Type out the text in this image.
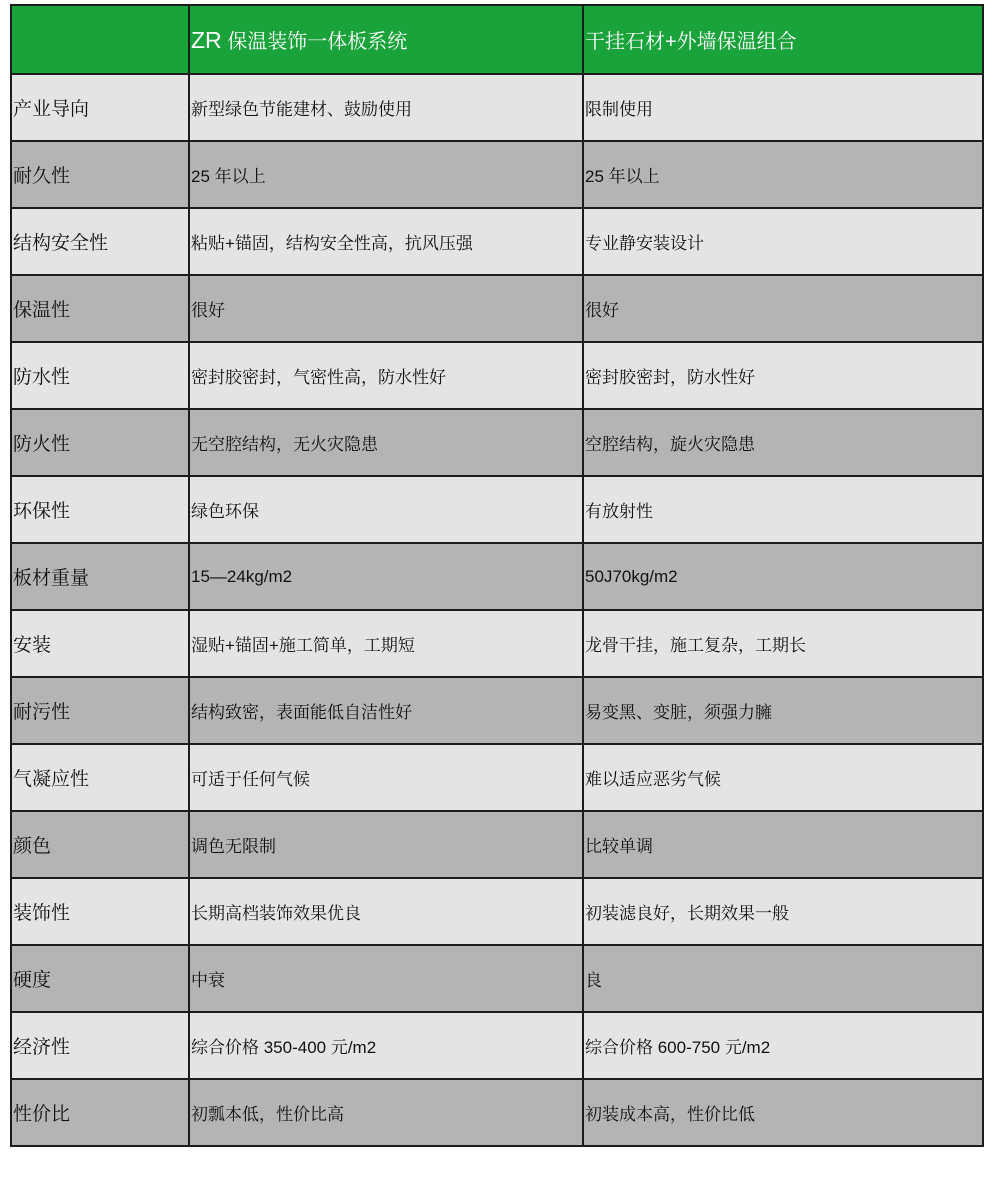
	ZR 保温装饰一体板系统	干挂石材+外墙保温组合
产业导向	新型绿色节能建材、鼓励使用	限制使用
耐久性	25 年以上	25 年以上
结构安全性	粘贴+锚固，结构安全性高，抗风压强	专业静安装设计
保温性	很好	很好
防水性	密封胶密封，气密性高，防水性好	密封胶密封，防水性好
防火性	无空腔结构，无火灾隐患	空腔结构，旋火灾隐患
环保性	绿色环保	有放射性
板材重量	15—24kg/m2	50J70kg/m2
安装	湿贴+锚固+施工简单，工期短	龙骨干挂，施工复杂，工期长
耐污性	结构致密，表面能低自洁性好	易变黑、变脏，须强力臃
气凝应性	可适于任何气候	难以适应恶劣气候
颜色	调色无限制	比较单调
装饰性	长期高档装饰效果优良	初装滤良好，长期效果一般
硬度	中衰	良
经济性	综合价格 350-400 元/m2	综合价格 600-750 元/m2
性价比	初瓢本低，性价比高	初装成本高，性价比低
